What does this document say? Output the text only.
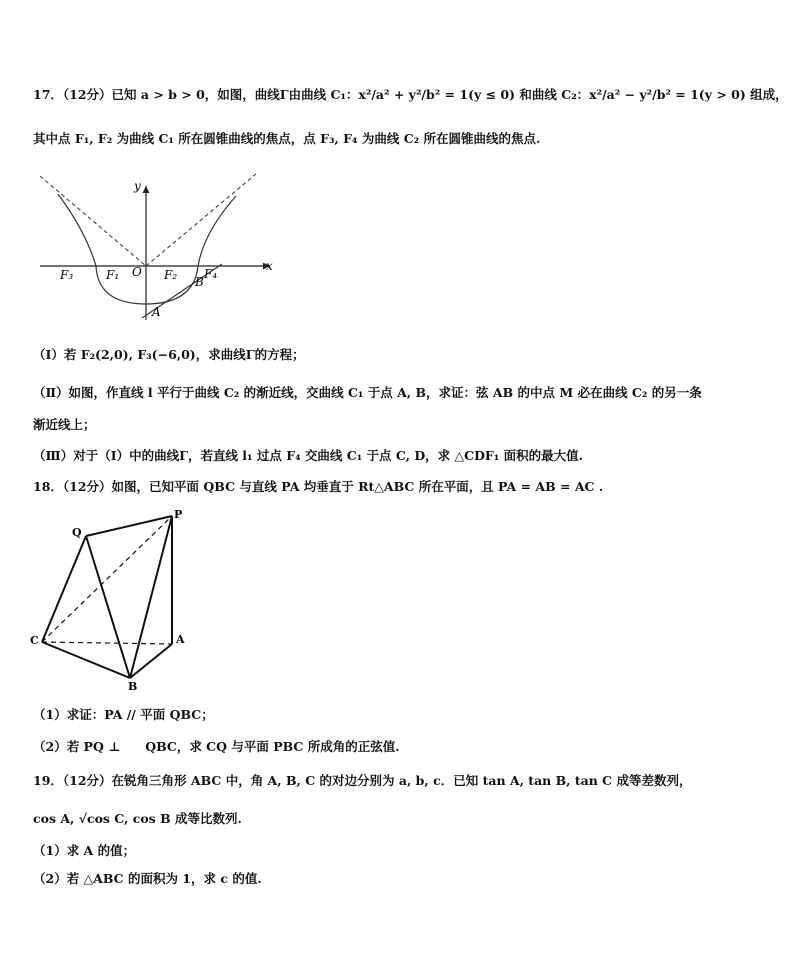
17．（12分）已知 a > b > 0，如图，曲线Γ由曲线 C₁：x²/a² + y²/b² = 1(y ≤ 0) 和曲线 C₂：x²/a² − y²/b² = 1(y > 0) 组成，
其中点 F₁, F₂ 为曲线 C₁ 所在圆锥曲线的焦点，点 F₃, F₄ 为曲线 C₂ 所在圆锥曲线的焦点.
y
x
O
F₃	F₁	F₂ F₄
B
A
（Ⅰ）若 F₂(2,0), F₃(−6,0)，求曲线Γ的方程；
（Ⅱ）如图，作直线 l 平行于曲线 C₂ 的渐近线，交曲线 C₁ 于点 A, B，求证：弦 AB 的中点 M 必在曲线 C₂ 的另一条
渐近线上；
（Ⅲ）对于（Ⅰ）中的曲线Γ，若直线 l₁ 过点 F₄ 交曲线 C₁ 于点 C, D，求 △CDF₁ 面积的最大值.
18．（12分）如图，已知平面 QBC 与直线 PA 均垂直于 Rt△ABC 所在平面，且 PA = AB = AC .
P
Q
C	A
B
（1）求证：PA // 平面 QBC；
（2）若 PQ ⊥　　QBC，求 CQ 与平面 PBC 所成角的正弦值.
19．（12分）在锐角三角形 ABC 中，角 A, B, C 的对边分别为 a, b, c．已知 tan A, tan B, tan C 成等差数列，
cos A, √cos C, cos B 成等比数列.
（1）求 A 的值；
（2）若 △ABC 的面积为 1，求 c 的值.
